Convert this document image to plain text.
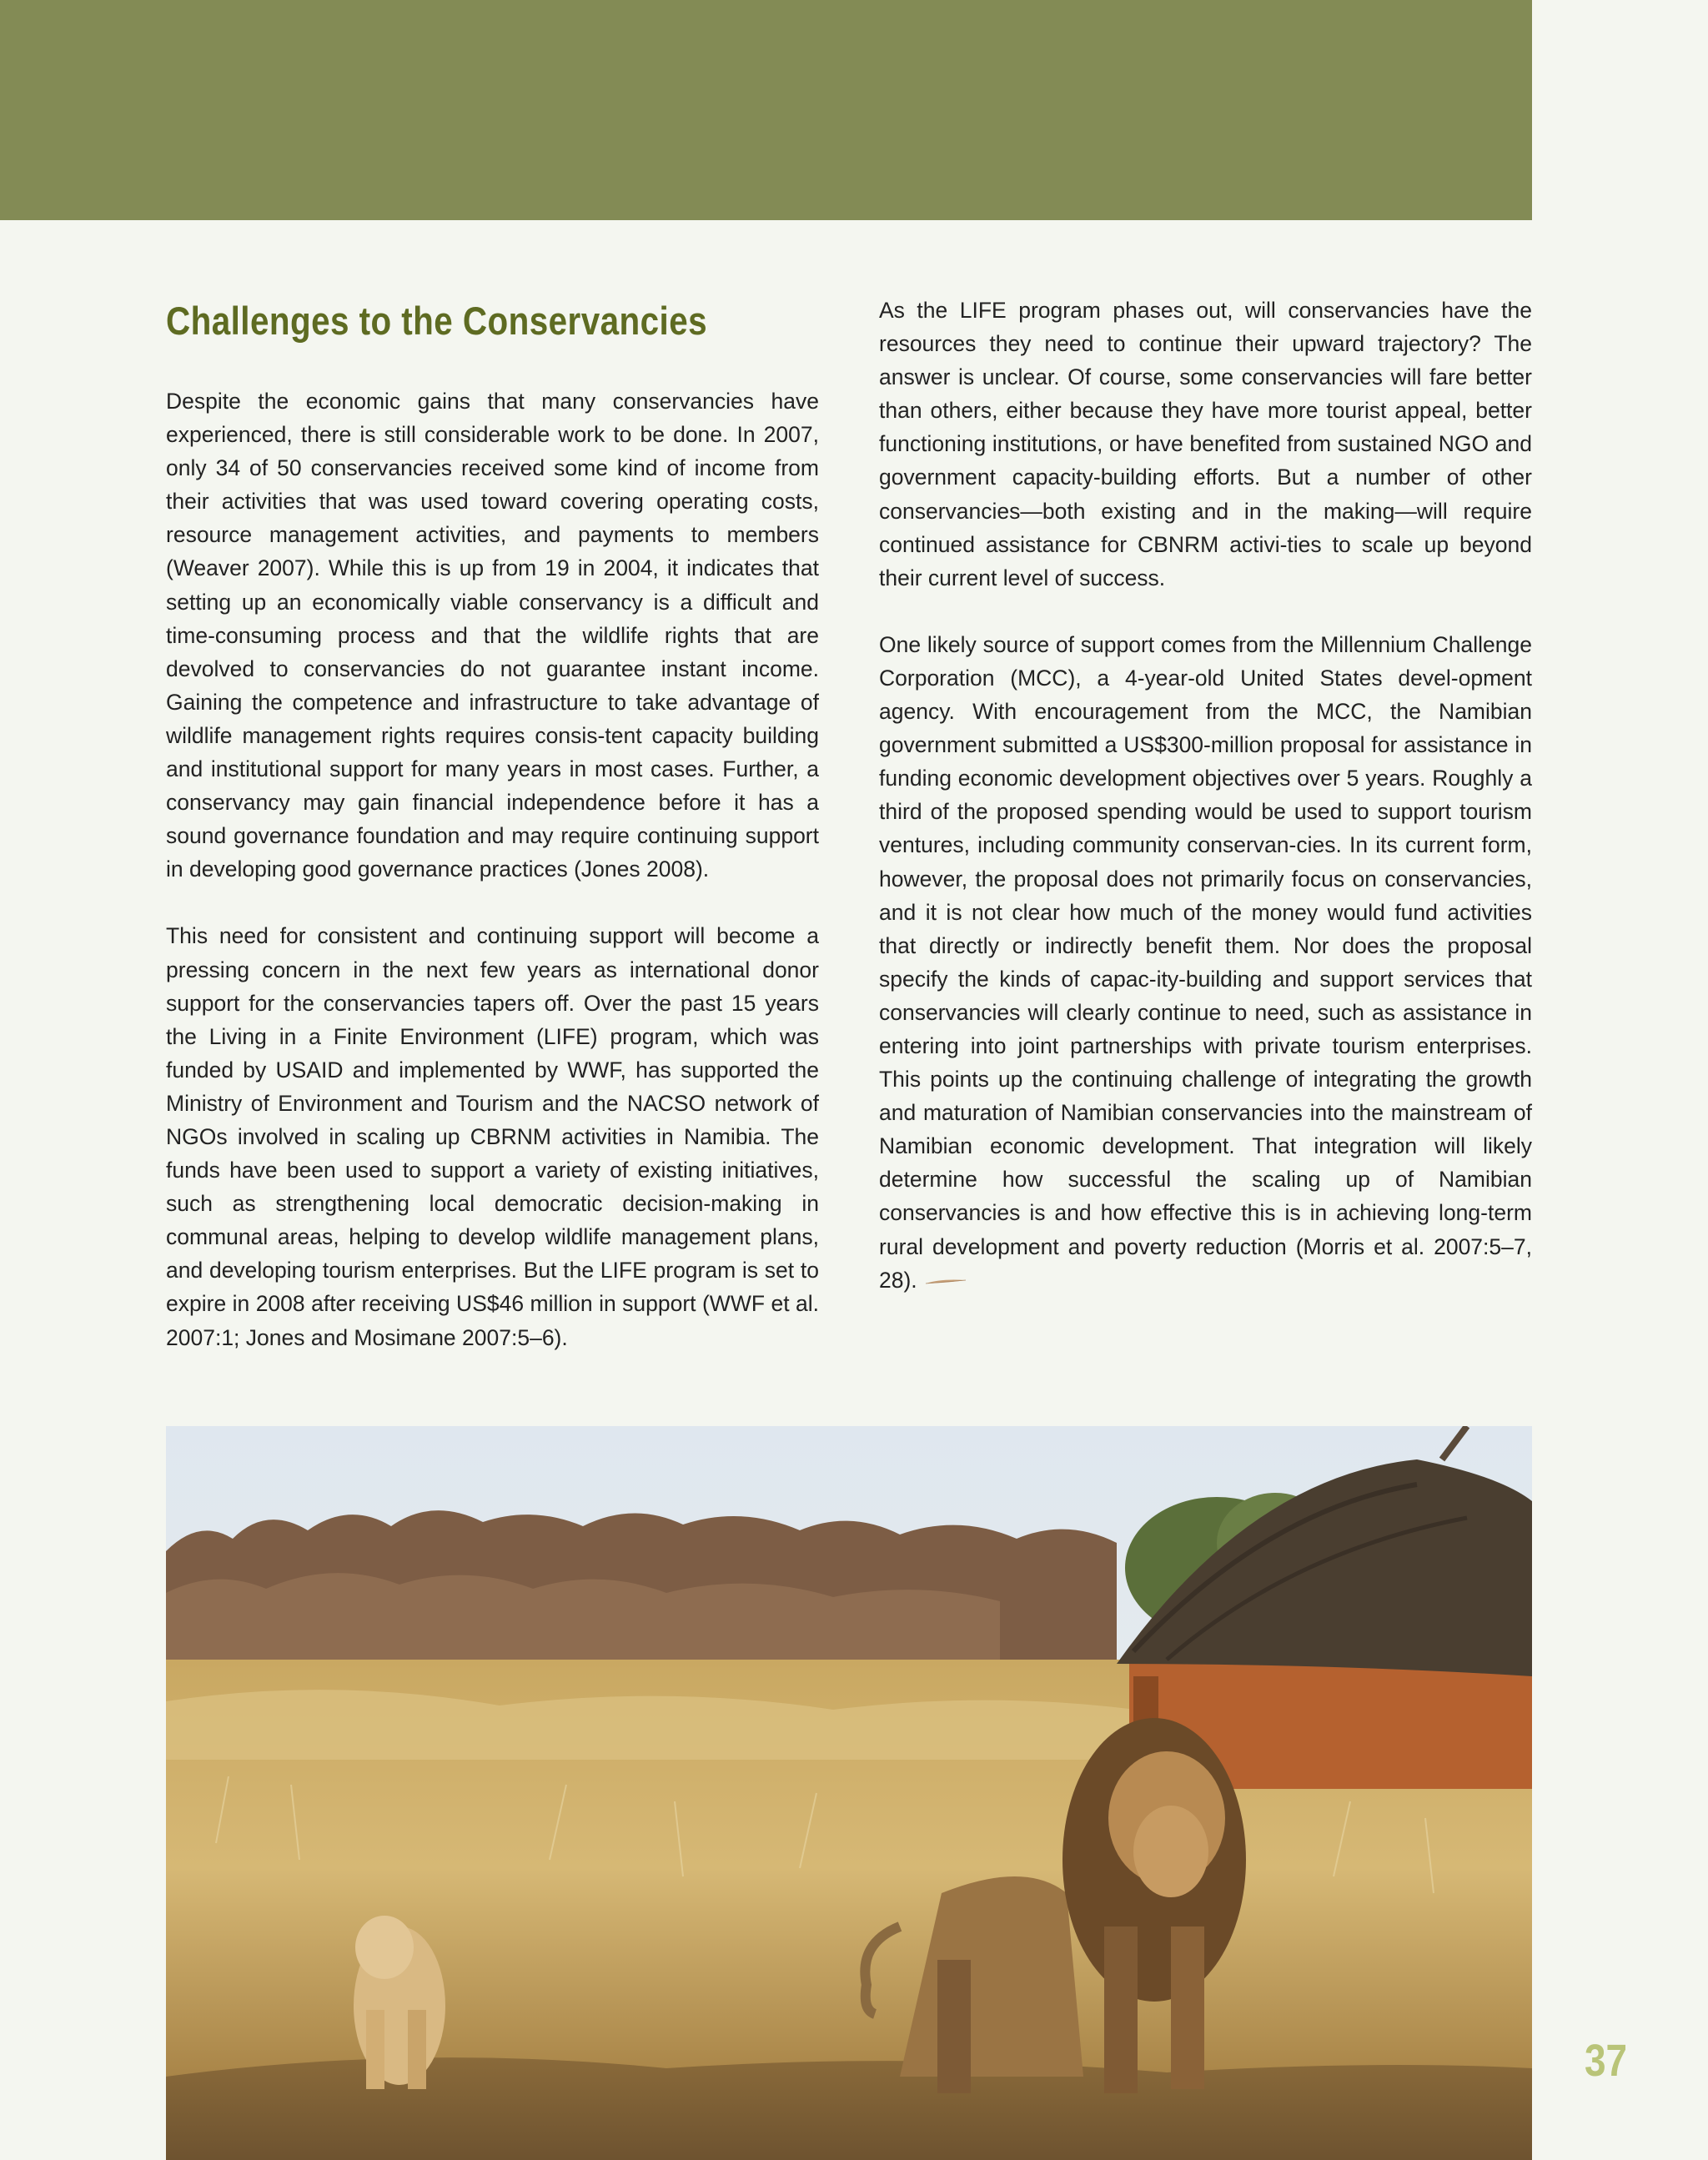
Challenges to the Conservancies

Despite the economic gains that many conservancies have experienced, there is still considerable work to be done. In 2007, only 34 of 50 conservancies received some kind of income from their activities that was used toward covering operating costs, resource management activities, and payments to members (Weaver 2007). While this is up from 19 in 2004, it indicates that setting up an economically viable conservancy is a difficult and time-consuming process and that the wildlife rights that are devolved to conservancies do not guarantee instant income. Gaining the competence and infrastructure to take advantage of wildlife management rights requires consis-tent capacity building and institutional support for many years in most cases. Further, a conservancy may gain financial independence before it has a sound governance foundation and may require continuing support in developing good governance practices (Jones 2008).

This need for consistent and continuing support will become a pressing concern in the next few years as international donor support for the conservancies tapers off. Over the past 15 years the Living in a Finite Environment (LIFE) program, which was funded by USAID and implemented by WWF, has supported the Ministry of Environment and Tourism and the NACSO network of NGOs involved in scaling up CBRNM activities in Namibia. The funds have been used to support a variety of existing initiatives, such as strengthening local democratic decision-making in communal areas, helping to develop wildlife management plans, and developing tourism enterprises. But the LIFE program is set to expire in 2008 after receiving US$46 million in support (WWF et al. 2007:1; Jones and Mosimane 2007:5–6).

As the LIFE program phases out, will conservancies have the resources they need to continue their upward trajectory? The answer is unclear. Of course, some conservancies will fare better than others, either because they have more tourist appeal, better functioning institutions, or have benefited from sustained NGO and government capacity-building efforts. But a number of other conservancies—both existing and in the making—will require continued assistance for CBNRM activi-ties to scale up beyond their current level of success.

One likely source of support comes from the Millennium Challenge Corporation (MCC), a 4-year-old United States devel-opment agency. With encouragement from the MCC, the Namibian government submitted a US$300-million proposal for assistance in funding economic development objectives over 5 years. Roughly a third of the proposed spending would be used to support tourism ventures, including community conservan-cies. In its current form, however, the proposal does not primarily focus on conservancies, and it is not clear how much of the money would fund activities that directly or indirectly benefit them. Nor does the proposal specify the kinds of capac-ity-building and support services that conservancies will clearly continue to need, such as assistance in entering into joint partnerships with private tourism enterprises. This points up the continuing challenge of integrating the growth and maturation of Namibian conservancies into the mainstream of Namibian economic development. That integration will likely determine how successful the scaling up of Namibian conservancies is and how effective this is in achieving long-term rural development and poverty reduction (Morris et al. 2007:5–7, 28).

37
